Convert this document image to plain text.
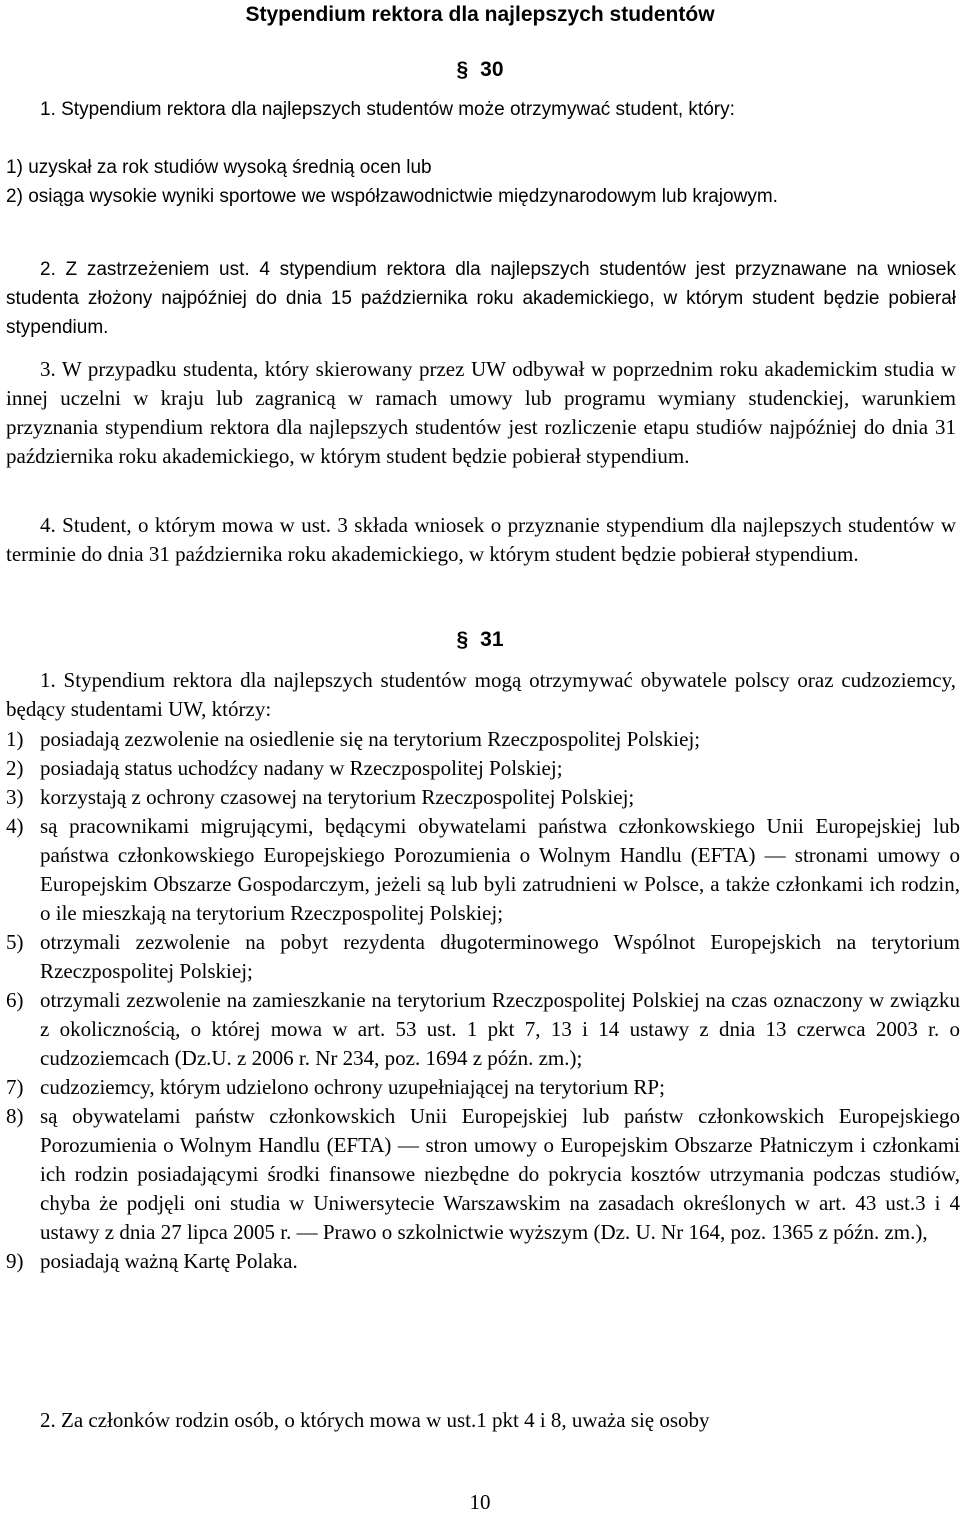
Stypendium rektora dla najlepszych studentów
§ 30
1. Stypendium rektora dla najlepszych studentów może otrzymywać student, który:
1) uzyskał za rok studiów wysoką średnią ocen lub
2) osiąga wysokie wyniki sportowe we współzawodnictwie międzynarodowym lub krajowym.
2. Z zastrzeżeniem ust. 4 stypendium rektora dla najlepszych studentów jest przyznawane na wniosek studenta złożony najpóźniej do dnia 15 października roku akademickiego, w którym student będzie pobierał stypendium.
3. W przypadku studenta, który skierowany przez UW odbywał w poprzednim roku akademickim studia w innej uczelni w kraju lub zagranicą w ramach umowy lub programu wymiany studenckiej, warunkiem przyznania stypendium rektora dla najlepszych studentów jest rozliczenie etapu studiów najpóźniej do dnia 31 października roku akademickiego, w którym student będzie pobierał stypendium.
4. Student, o którym mowa w ust. 3 składa wniosek o przyznanie stypendium dla najlepszych studentów w terminie do dnia 31 października roku akademickiego, w którym student będzie pobierał stypendium.
§ 31
1. Stypendium rektora dla najlepszych studentów mogą otrzymywać obywatele polscy oraz cudzoziemcy, będący studentami UW, którzy:
1) posiadają zezwolenie na osiedlenie się na terytorium Rzeczpospolitej Polskiej;
2) posiadają status uchodźcy nadany w Rzeczpospolitej Polskiej;
3) korzystają z ochrony czasowej na terytorium Rzeczpospolitej Polskiej;
4) są pracownikami migrującymi, będącymi obywatelami państwa członkowskiego Unii Europejskiej lub państwa członkowskiego Europejskiego Porozumienia o Wolnym Handlu (EFTA) — stronami umowy o Europejskim Obszarze Gospodarczym, jeżeli są lub byli zatrudnieni w Polsce, a także członkami ich rodzin, o ile mieszkają na terytorium Rzeczpospolitej Polskiej;
5) otrzymali zezwolenie na pobyt rezydenta długoterminowego Wspólnot Europejskich na terytorium Rzeczpospolitej Polskiej;
6) otrzymali zezwolenie na zamieszkanie na terytorium Rzeczpospolitej Polskiej na czas oznaczony w związku z okolicznością, o której mowa w art. 53 ust. 1 pkt 7, 13 i 14 ustawy z dnia 13 czerwca 2003 r. o cudzoziemcach (Dz.U. z 2006 r. Nr 234, poz. 1694 z późn. zm.);
7) cudzoziemcy, którym udzielono ochrony uzupełniającej na terytorium RP;
8) są obywatelami państw członkowskich Unii Europejskiej lub państw członkowskich Europejskiego Porozumienia o Wolnym Handlu (EFTA) — stron umowy o Europejskim Obszarze Płatniczym i członkami ich rodzin posiadającymi środki finansowe niezbędne do pokrycia kosztów utrzymania podczas studiów, chyba że podjęli oni studia w Uniwersytecie Warszawskim na zasadach określonych w art. 43 ust.3 i 4 ustawy z dnia 27 lipca 2005 r. — Prawo o szkolnictwie wyższym (Dz. U. Nr 164, poz. 1365 z późn. zm.),
9) posiadają ważną Kartę Polaka.
2. Za członków rodzin osób, o których mowa w ust.1 pkt 4 i 8, uważa się osoby
10
